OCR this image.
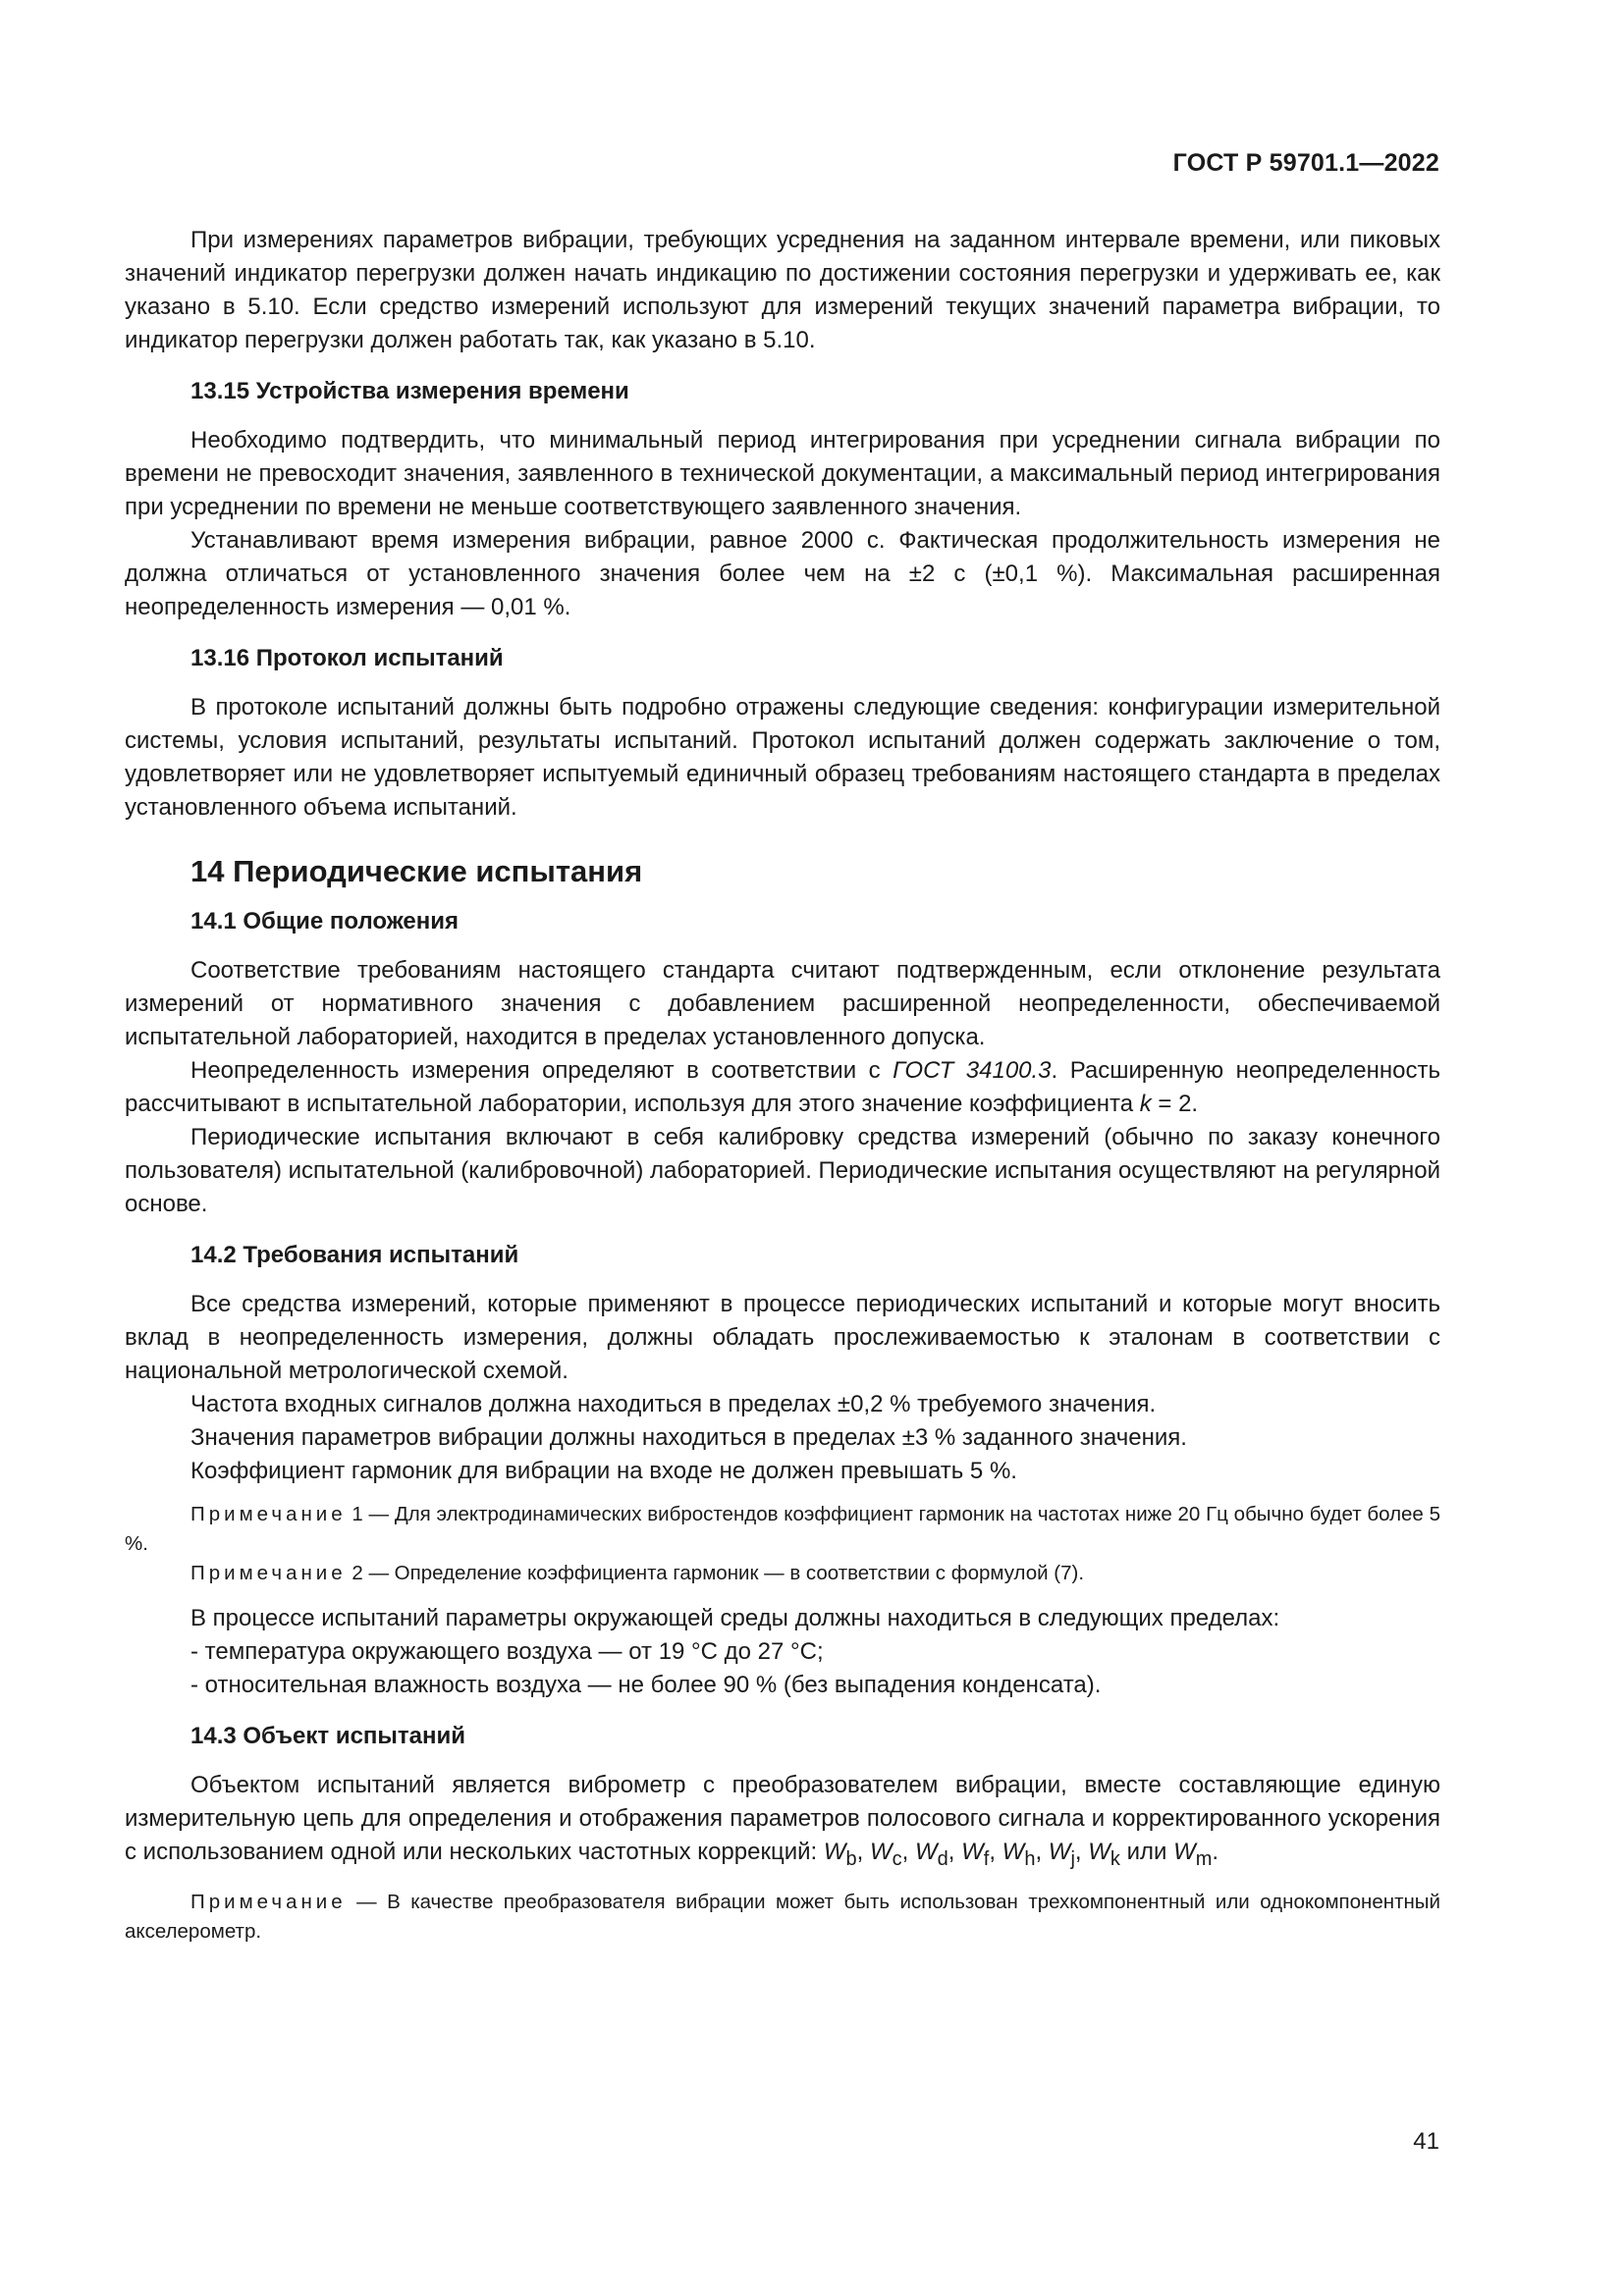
ГОСТ Р 59701.1—2022

При измерениях параметров вибрации, требующих усреднения на заданном интервале времени, или пиковых значений индикатор перегрузки должен начать индикацию по достижении состояния перегрузки и удерживать ее, как указано в 5.10. Если средство измерений используют для измерений текущих значений параметра вибрации, то индикатор перегрузки должен работать так, как указано в 5.10.

13.15 Устройства измерения времени

Необходимо подтвердить, что минимальный период интегрирования при усреднении сигнала вибрации по времени не превосходит значения, заявленного в технической документации, а максимальный период интегрирования при усреднении по времени не меньше соответствующего заявленного значения.

Устанавливают время измерения вибрации, равное 2000 с. Фактическая продолжительность измерения не должна отличаться от установленного значения более чем на ±2 с (±0,1 %). Максимальная расширенная неопределенность измерения — 0,01 %.

13.16 Протокол испытаний

В протоколе испытаний должны быть подробно отражены следующие сведения: конфигурации измерительной системы, условия испытаний, результаты испытаний. Протокол испытаний должен содержать заключение о том, удовлетворяет или не удовлетворяет испытуемый единичный образец требованиям настоящего стандарта в пределах установленного объема испытаний.

14 Периодические испытания
14.1 Общие положения

Соответствие требованиям настоящего стандарта считают подтвержденным, если отклонение результата измерений от нормативного значения с добавлением расширенной неопределенности, обеспечиваемой испытательной лабораторией, находится в пределах установленного допуска.

Неопределенность измерения определяют в соответствии с ГОСТ 34100.3. Расширенную неопределенность рассчитывают в испытательной лаборатории, используя для этого значение коэффициента k = 2.

Периодические испытания включают в себя калибровку средства измерений (обычно по заказу конечного пользователя) испытательной (калибровочной) лабораторией. Периодические испытания осуществляют на регулярной основе.

14.2 Требования испытаний

Все средства измерений, которые применяют в процессе периодических испытаний и которые могут вносить вклад в неопределенность измерения, должны обладать прослеживаемостью к эталонам в соответствии с национальной метрологической схемой.

Частота входных сигналов должна находиться в пределах ±0,2 % требуемого значения.

Значения параметров вибрации должны находиться в пределах ±3 % заданного значения.

Коэффициент гармоник для вибрации на входе не должен превышать 5 %.

Примечание 1 — Для электродинамических вибростендов коэффициент гармоник на частотах ниже 20 Гц обычно будет более 5 %.

Примечание 2 — Определение коэффициента гармоник — в соответствии с формулой (7).

В процессе испытаний параметры окружающей среды должны находиться в следующих пределах:

- температура окружающего воздуха — от 19 °С до 27 °С;

- относительная влажность воздуха — не более 90 % (без выпадения конденсата).

14.3 Объект испытаний

Объектом испытаний является виброметр с преобразователем вибрации, вместе составляющие единую измерительную цепь для определения и отображения параметров полосового сигнала и корректированного ускорения с использованием одной или нескольких частотных коррекций: $W_b$, $W_c$, $W_d$, $W_f$, $W_h$, $W_j$, $W_k$ или $W_m$.

Примечание — В качестве преобразователя вибрации может быть использован трехкомпонентный или однокомпонентный акселерометр.

41
